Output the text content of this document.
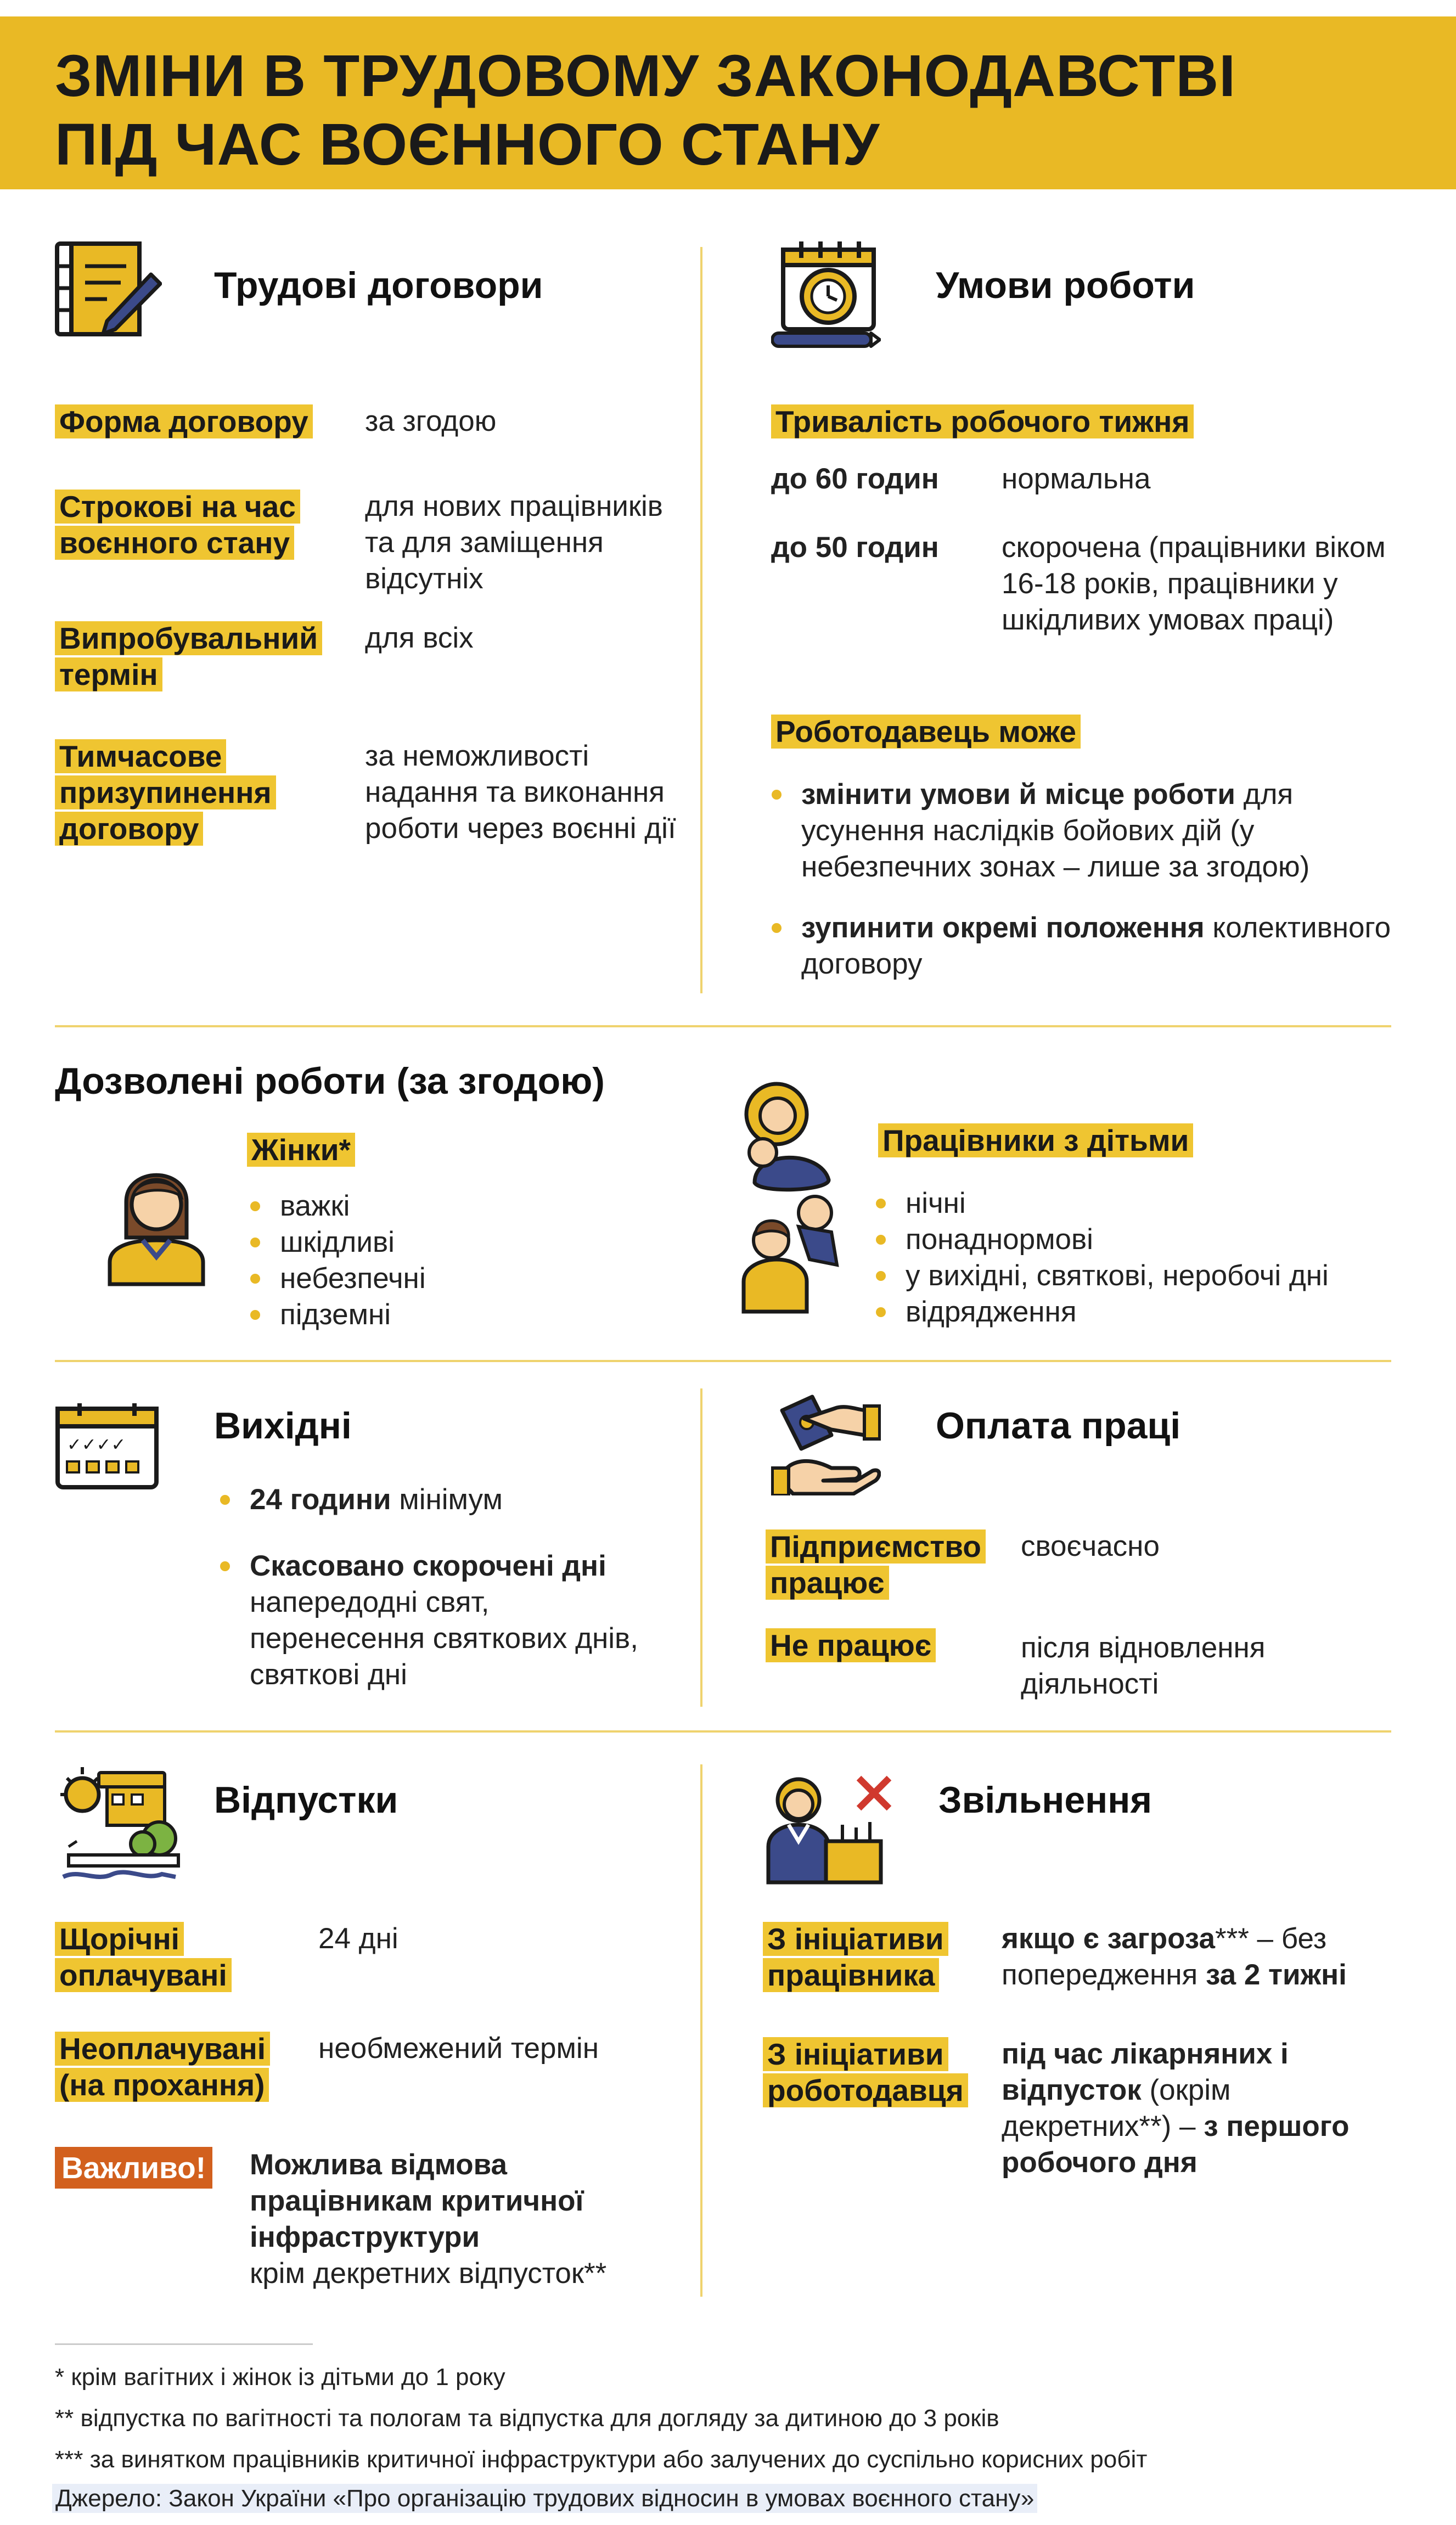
ЗМІНИ В ТРУДОВОМУ ЗАКОНОДАВСТВІ
ПІД ЧАС ВОЄННОГО СТАНУ
Трудові договори
Форма договору	за згодою
Строкові на час воєнного стану
для нових працівників та для заміщення відсутніх
Випробувальний термін
для всіх
Тимчасове призупинення договору
за неможливості надання та виконання роботи через воєнні дії
Умови роботи
Тривалість робочого тижня
до 60 годин нормальна
до 50 годин скорочена (працівники віком 16-18 років, працівники у шкідливих умовах праці)
Роботодавець може
змінити умови й місце роботи для усунення наслідків бойових дій (у небезпечних зонах – лише за згодою)
зупинити окремі положення колективного договору
Дозволені роботи (за згодою)
Жінки*
важкі
шкідливі
небезпечні
підземні
Працівники з дітьми
нічні
понаднормові
у вихідні, святкові, неробочі дні
відрядження
✓✓✓✓ Вихідні
24 години мінімум
Скасовано скорочені дні
напередодні свят, перенесення святкових днів, святкові дні
Оплата праці
Підприємство працює
своєчасно
Не працює	після відновлення діяльності
Відпустки
Щорічні оплачувані
24 дні
Неоплачувані (на прохання)
необмежений термін
Важливо! Можлива відмова працівникам критичної інфраструктури
крім декретних відпусток**
Звільнення
З ініціативи працівника
якщо є загроза*** – без попередження за 2 тижні
З ініціативи роботодавця
під час лікарняних і відпусток (окрім декретних**) – з першого робочого дня
* крім вагітних і жінок із дітьми до 1 року
** відпустка по вагітності та пологам та відпустка для догляду за дитиною до 3 років
*** за винятком працівників критичної інфраструктури або залучених до суспільно корисних робіт
Джерело: Закон України «Про організацію трудових відносин в умовах воєнного стану»
